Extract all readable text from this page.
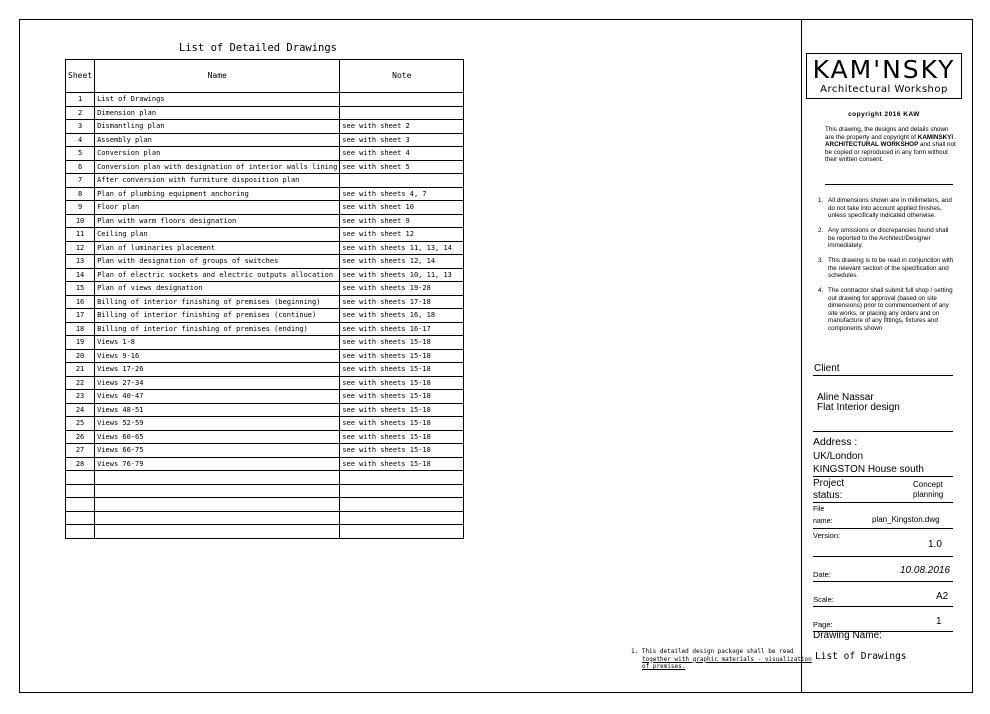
List of Detailed Drawings
Sheet	Name	Note
1	List of Drawings	
2	Dimension plan	
3	Dismantling plan	see with sheet 2
4	Assembly plan	see with sheet 3
5	Conversion plan	see with sheet 4
6	Conversion plan with designation of interior walls lining	see with sheet 5
7	After conversion with furniture disposition plan	
8	Plan of plumbing equipment anchoring	see with sheets 4, 7
9	Floor plan	see with sheet 10
10	Plan with warm floors designation	see with sheet 9
11	Ceiling plan	see with sheet 12
12	Plan of luminaries placement	see with sheets 11, 13, 14
13	Plan with designation of groups of switches	see with sheets 12, 14
14	Plan of electric sockets and electric outputs allocation	see with sheets 10, 11, 13
15	Plan of views designation	see with sheets 19-28
16	Billing of interior finishing of premises (beginning)	see with sheets 17-18
17	Billing of interior finishing of premises (continue)	see with sheets 16, 18
18	Billing of interior finishing of premises (ending)	see with sheets 16-17
19	Views 1-8	see with sheets 15-18
20	Views 9-16	see with sheets 15-18
21	Views 17-26	see with sheets 15-18
22	Views 27-34	see with sheets 15-18
23	Views 40-47	see with sheets 15-18
24	Views 48-51	see with sheets 15-18
25	Views 52-59	see with sheets 15-18
26	Views 60-65	see with sheets 15-18
27	Views 66-75	see with sheets 15-18
28	Views 76-79	see with sheets 15-18

1. This detailed design package shall be read
together with graphic materials - visualization
of premises.
KAM'NSKY
Architectural Workshop
copyright 2016 KAW
This drawing, the designs and details shown are the property and copyright of KAMINSKYI ARCHITECTURAL WORKSHOP and shall not be copied or reproduced in any form without their written consent.
1. All dimensions shown are in millimeters, and do not take into account applied finishes, unless specifically indicated otherwise.
2. Any omissions or discrepancies found shall be reported to the Architect/Designer immediately.
3. This drawing is to be read in conjunction with the relevant section of the specification and schedules.
4. The contractor shall submit full shop / setting out drawing for approval (based on site dimensions) prior to commencement of any site works, or placing any orders and on manufacture of any fittings, fixtures and components shown
Client
Aline Nassar
Flat Interior design
Address :
UK/London
KINGSTON House south
Project
status:
Concept
planning
File
name:	plan_Kingston.dwg
Version:
1.0
Date:	10.08.2016
Scale:	A2
Page:	1
Drawing Name:
List of Drawings
